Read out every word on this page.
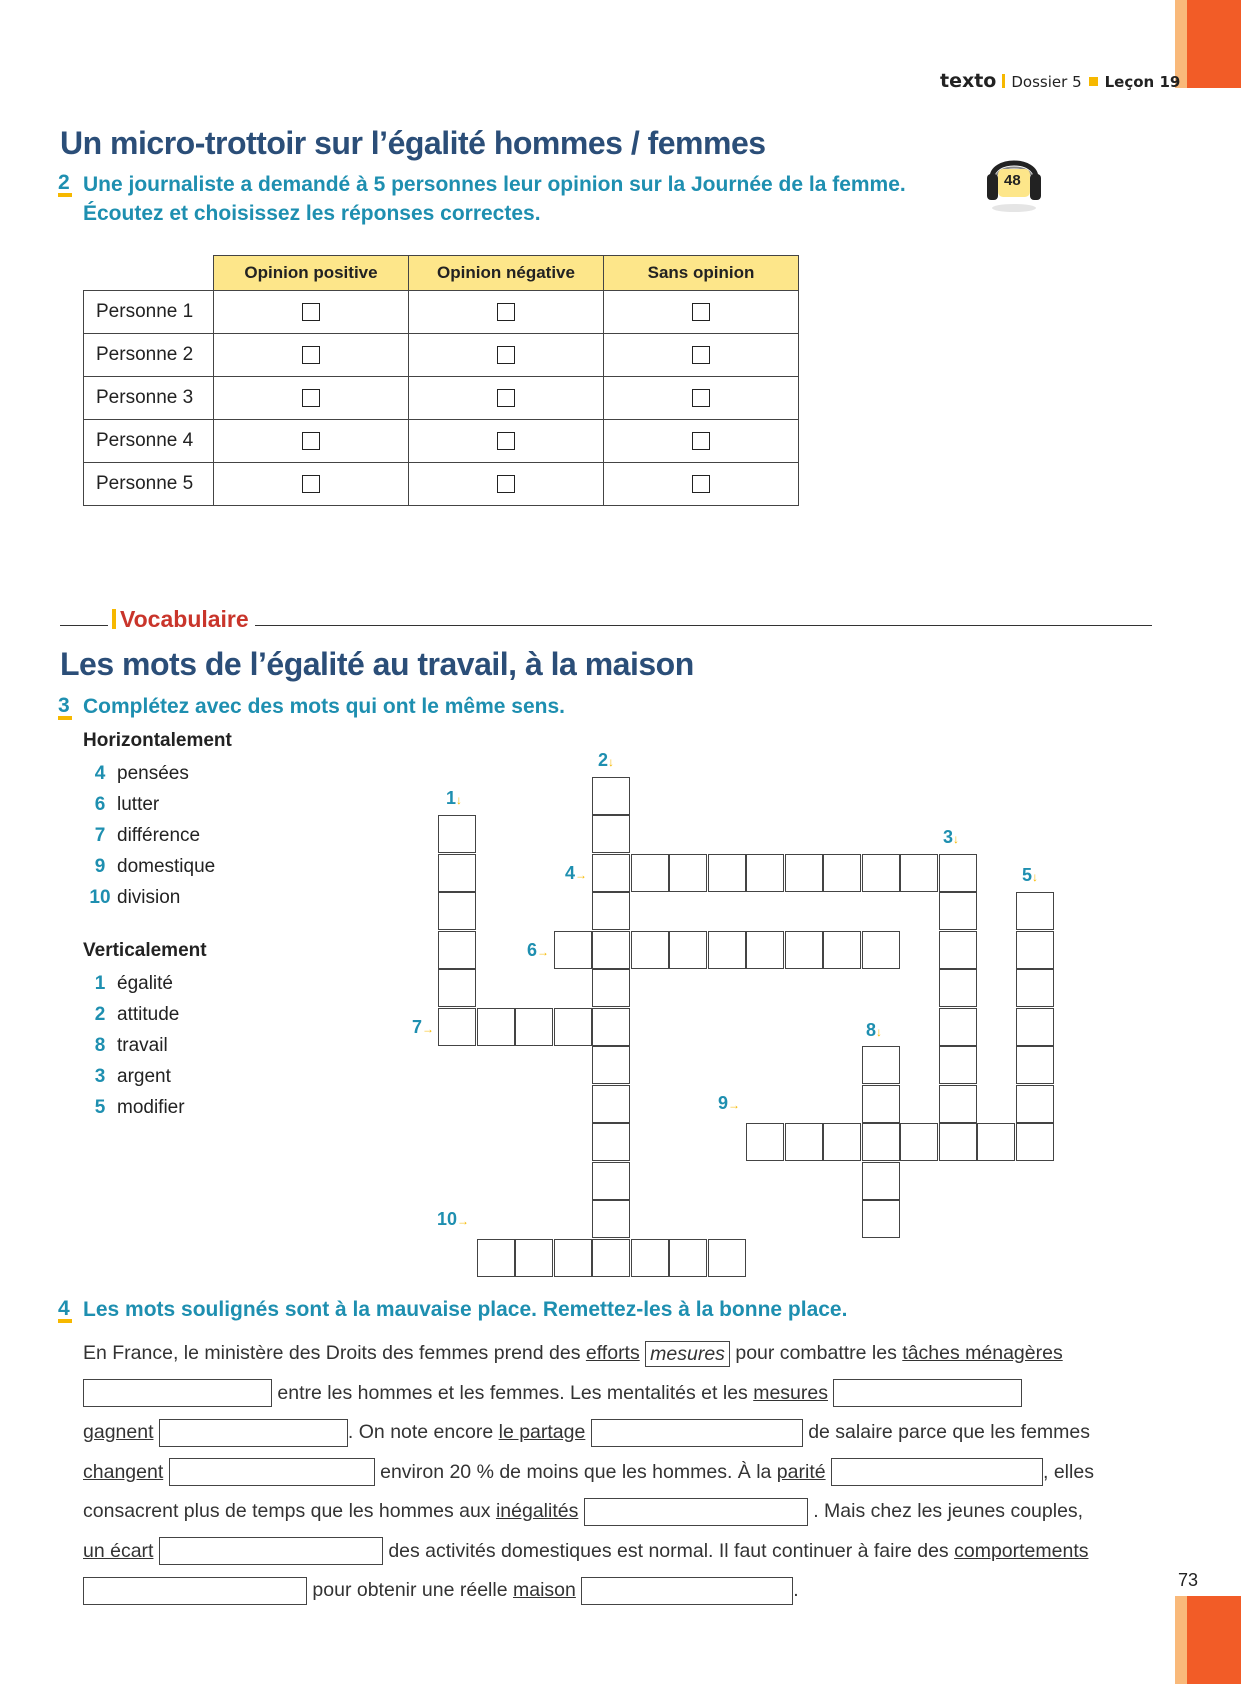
texto Dossier 5 Leçon 19
Un micro-trottoir sur l’égalité hommes / femmes
2 Une journaliste a demandé à 5 personnes leur opinion sur la Journée de la femme.
Écoutez et choisissez les réponses correctes.
48
	Opinion positive	Opinion négative	Sans opinion
Personne 1			
Personne 2			
Personne 3			
Personne 4			
Personne 5			
Vocabulaire
Les mots de l’égalité au travail, à la maison
3 Complétez avec des mots qui ont le même sens.
Horizontalement
4 pensées
6 lutter
7 différence
9 domestique
10 division
Verticalement
1 égalité
2 attitude
8 travail
3 argent
5 modifier
1↓
2↓
3↓
4→	5↓
6→
7→	8↓
9→
10→
4 Les mots soulignés sont à la mauvaise place. Remettez-les à la bonne place.
En France, le ministère des Droits des femmes prend des efforts mesures pour combattre les tâches ménagères
entre les hommes et les femmes. Les mentalités et les mesures
gagnent	. On note encore le partage	de salaire parce que les femmes
changent	environ 20 % de moins que les hommes. À la parité	, elles
consacrent plus de temps que les hommes aux inégalités	. Mais chez les jeunes couples,
un écart	des activités domestiques est normal. Il faut continuer à faire des comportements
pour obtenir une réelle maison	.	73
